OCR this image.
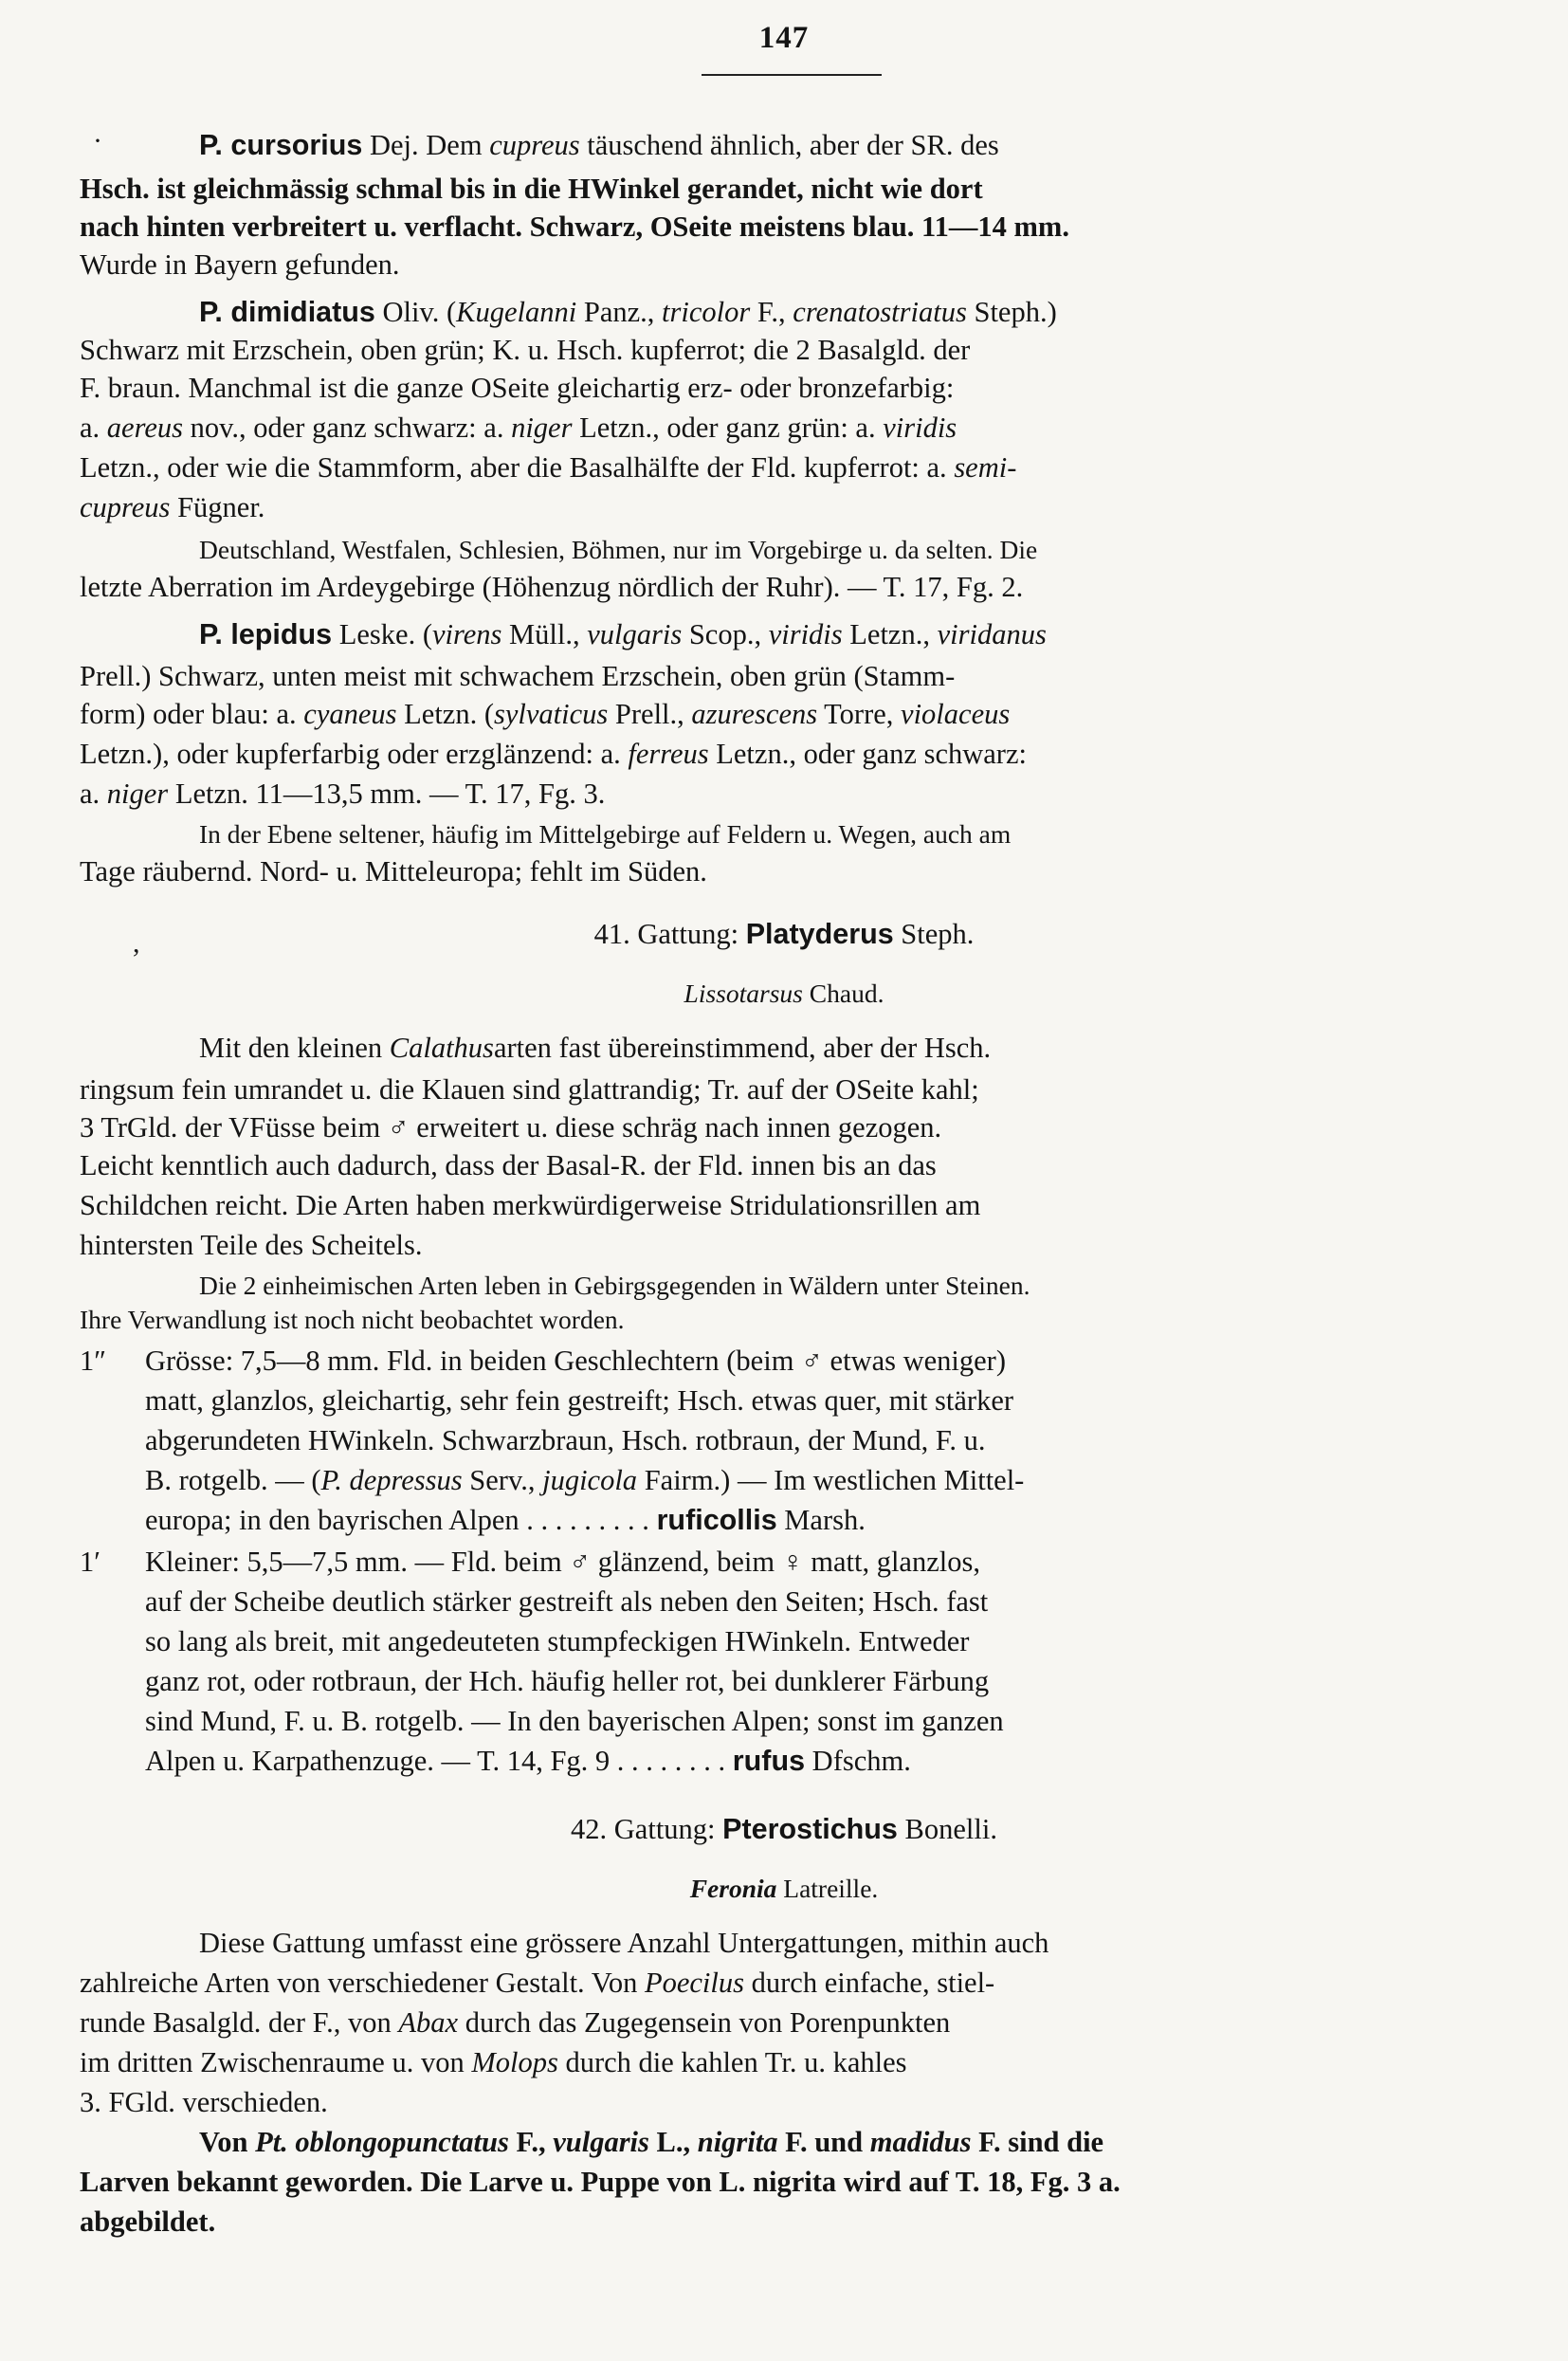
147
·	P. cursorius Dej. Dem cupreus täuschend ähnlich, aber der SR. des
Hsch. ist gleichmässig schmal bis in die HWinkel gerandet, nicht wie dort
nach hinten verbreitert u. verflacht. Schwarz, OSeite meistens blau. 11—14 mm.
Wurde in Bayern gefunden.
P. dimidiatus Oliv. (Kugelanni Panz., tricolor F., crenatostriatus Steph.)
Schwarz mit Erzschein, oben grün; K. u. Hsch. kupferrot; die 2 Basalgld. der
F. braun. Manchmal ist die ganze OSeite gleichartig erz- oder bronzefarbig:
a. aereus nov., oder ganz schwarz: a. niger Letzn., oder ganz grün: a. viridis
Letzn., oder wie die Stammform, aber die Basalhälfte der Fld. kupferrot: a. semi-
cupreus Fügner.
Deutschland, Westfalen, Schlesien, Böhmen, nur im Vorgebirge u. da selten. Die
letzte Aberration im Ardeygebirge (Höhenzug nördlich der Ruhr). — T. 17, Fg. 2.
P. lepidus Leske. (virens Müll., vulgaris Scop., viridis Letzn., viridanus
Prell.) Schwarz, unten meist mit schwachem Erzschein, oben grün (Stamm-
form) oder blau: a. cyaneus Letzn. (sylvaticus Prell., azurescens Torre, violaceus
Letzn.), oder kupferfarbig oder erzglänzend: a. ferreus Letzn., oder ganz schwarz:
a. niger Letzn. 11—13,5 mm. — T. 17, Fg. 3.
In der Ebene seltener, häufig im Mittelgebirge auf Feldern u. Wegen, auch am
Tage räubernd. Nord- u. Mitteleuropa; fehlt im Süden.
,	41. Gattung: Platyderus Steph.
Lissotarsus Chaud.
Mit den kleinen Calathusarten fast übereinstimmend, aber der Hsch.
ringsum fein umrandet u. die Klauen sind glattrandig; Tr. auf der OSeite kahl;
3 TrGld. der VFüsse beim ♂ erweitert u. diese schräg nach innen gezogen.
Leicht kenntlich auch dadurch, dass der Basal-R. der Fld. innen bis an das
Schildchen reicht. Die Arten haben merkwürdigerweise Stridulationsrillen am
hintersten Teile des Scheitels.
Die 2 einheimischen Arten leben in Gebirgsgegenden in Wäldern unter Steinen.
Ihre Verwandlung ist noch nicht beobachtet worden.
1″ Grösse: 7,5—8 mm. Fld. in beiden Geschlechtern (beim ♂ etwas weniger)
matt, glanzlos, gleichartig, sehr fein gestreift; Hsch. etwas quer, mit stärker
abgerundeten HWinkeln. Schwarzbraun, Hsch. rotbraun, der Mund, F. u.
B. rotgelb. — (P. depressus Serv., jugicola Fairm.) — Im westlichen Mittel-
europa; in den bayrischen Alpen . . . . . . . . . ruficollis Marsh.
1′ Kleiner: 5,5—7,5 mm. — Fld. beim ♂ glänzend, beim ♀ matt, glanzlos,
auf der Scheibe deutlich stärker gestreift als neben den Seiten; Hsch. fast
so lang als breit, mit angedeuteten stumpfeckigen HWinkeln. Entweder
ganz rot, oder rotbraun, der Hch. häufig heller rot, bei dunklerer Färbung
sind Mund, F. u. B. rotgelb. — In den bayerischen Alpen; sonst im ganzen
Alpen u. Karpathenzuge. — T. 14, Fg. 9 . . . . . . . . rufus Dfschm.
42. Gattung: Pterostichus Bonelli.
Feronia Latreille.
Diese Gattung umfasst eine grössere Anzahl Untergattungen, mithin auch
zahlreiche Arten von verschiedener Gestalt. Von Poecilus durch einfache, stiel-
runde Basalgld. der F., von Abax durch das Zugegensein von Porenpunkten
im dritten Zwischenraume u. von Molops durch die kahlen Tr. u. kahles
3. FGld. verschieden.
Von Pt. oblongopunctatus F., vulgaris L., nigrita F. und madidus F. sind die
Larven bekannt geworden. Die Larve u. Puppe von L. nigrita wird auf T. 18, Fg. 3 a.
abgebildet.
